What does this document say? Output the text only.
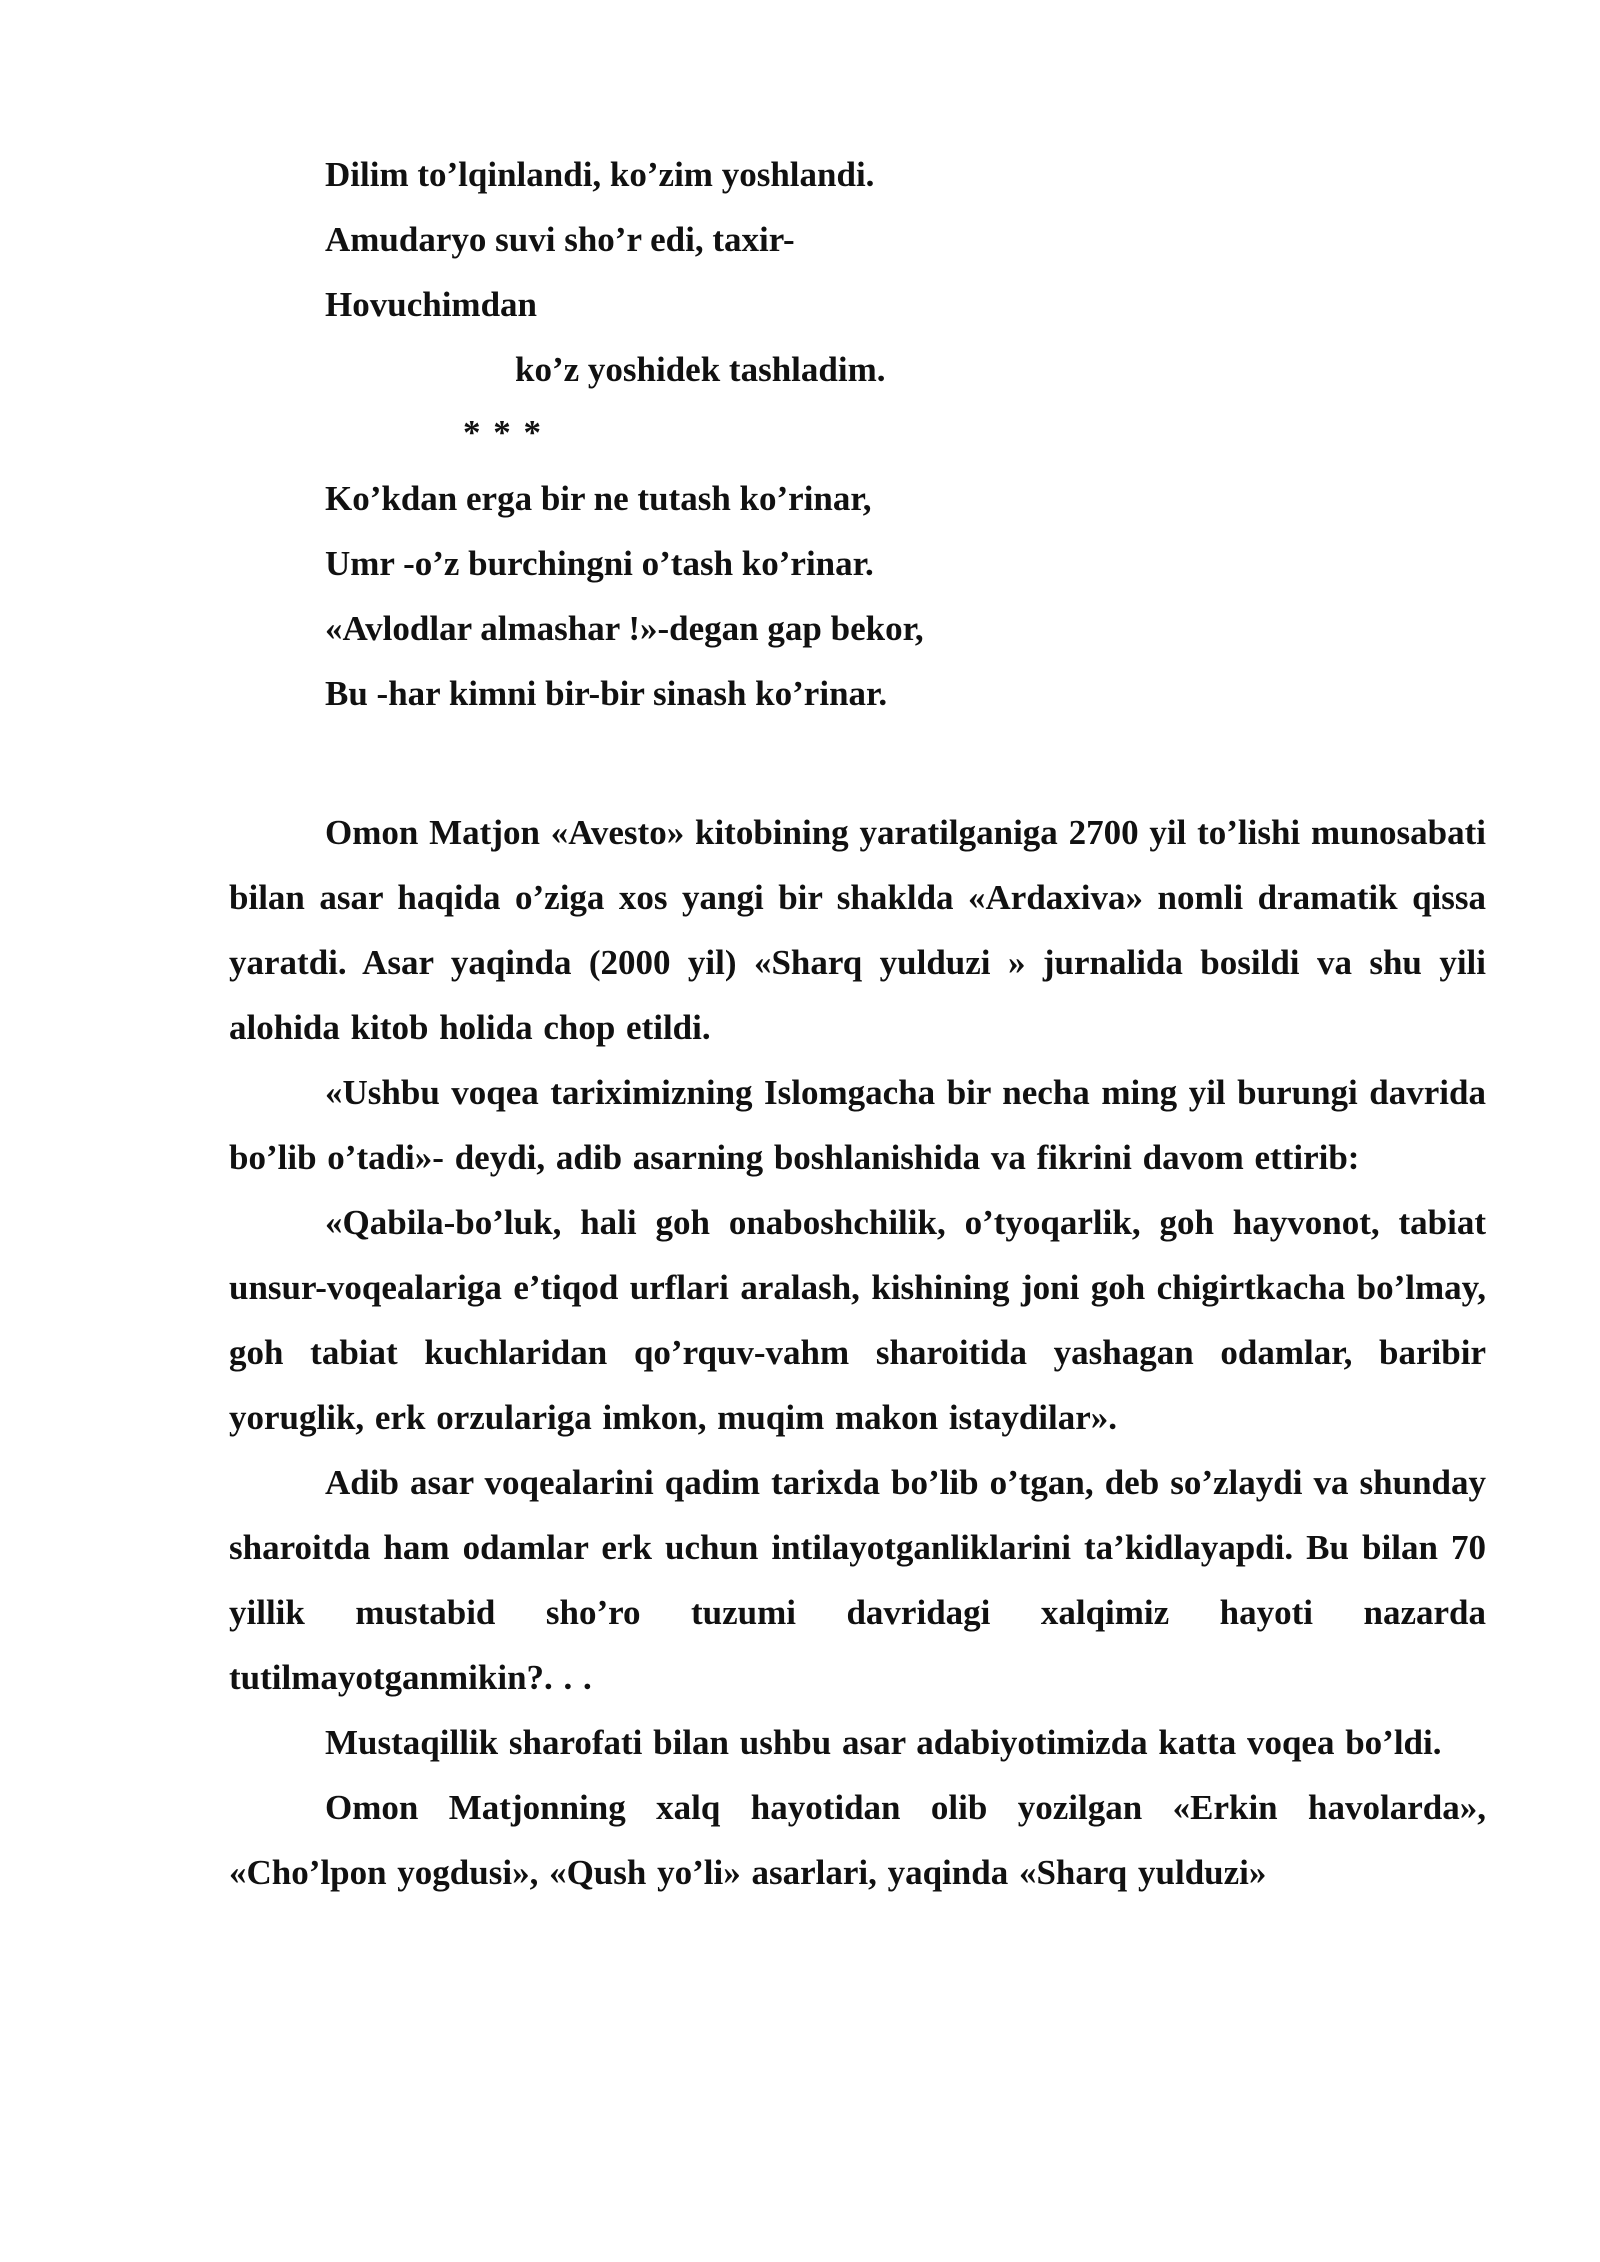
Dilim to’lqinlandi, ko’zim yoshlandi.
Amudaryo suvi sho’r edi, taxir-
Hovuchimdan
ko’z yoshidek tashladim.
* * *
Ko’kdan erga bir ne tutash ko’rinar,
Umr -o’z burchingni o’tash ko’rinar.
«Avlodlar almashar !»-degan gap bekor,
Bu -har kimni bir-bir sinash ko’rinar.

Omon Matjon «Avesto» kitobining yaratilganiga 2700 yil to’lishi munosabati bilan asar haqida o’ziga xos yangi bir shaklda «Ardaxiva» nomli dramatik qissa yaratdi. Asar yaqinda (2000 yil) «Sharq yulduzi » jurnalida bosildi va shu yili alohida kitob holida chop etildi.

«Ushbu voqea tariximizning Islomgacha bir necha ming yil burungi davrida bo’lib o’tadi»- deydi, adib asarning boshlanishida va fikrini davom ettirib:

«Qabila-bo’luk, hali goh onaboshchilik, o’tyoqarlik, goh hayvonot, tabiat unsur-voqealariga e’tiqod urflari aralash, kishining joni goh chigirtkacha bo’lmay, goh tabiat kuchlaridan qo’rquv-vahm sharoitida yashagan odamlar, baribir yoruglik, erk orzulariga imkon, muqim makon istaydilar».

Adib asar voqealarini qadim tarixda bo’lib o’tgan, deb so’zlaydi va shunday sharoitda ham odamlar erk uchun intilayotganliklarini ta’kidlayapdi. Bu bilan 70 yillik mustabid sho’ro tuzumi davridagi xalqimiz hayoti nazarda tutilmayotganmikin?. . .

Mustaqillik sharofati bilan ushbu asar adabiyotimizda katta voqea bo’ldi.

Omon Matjonning xalq hayotidan olib yozilgan «Erkin havolarda», «Cho’lpon yogdusi», «Qush yo’li» asarlari, yaqinda «Sharq yulduzi»
